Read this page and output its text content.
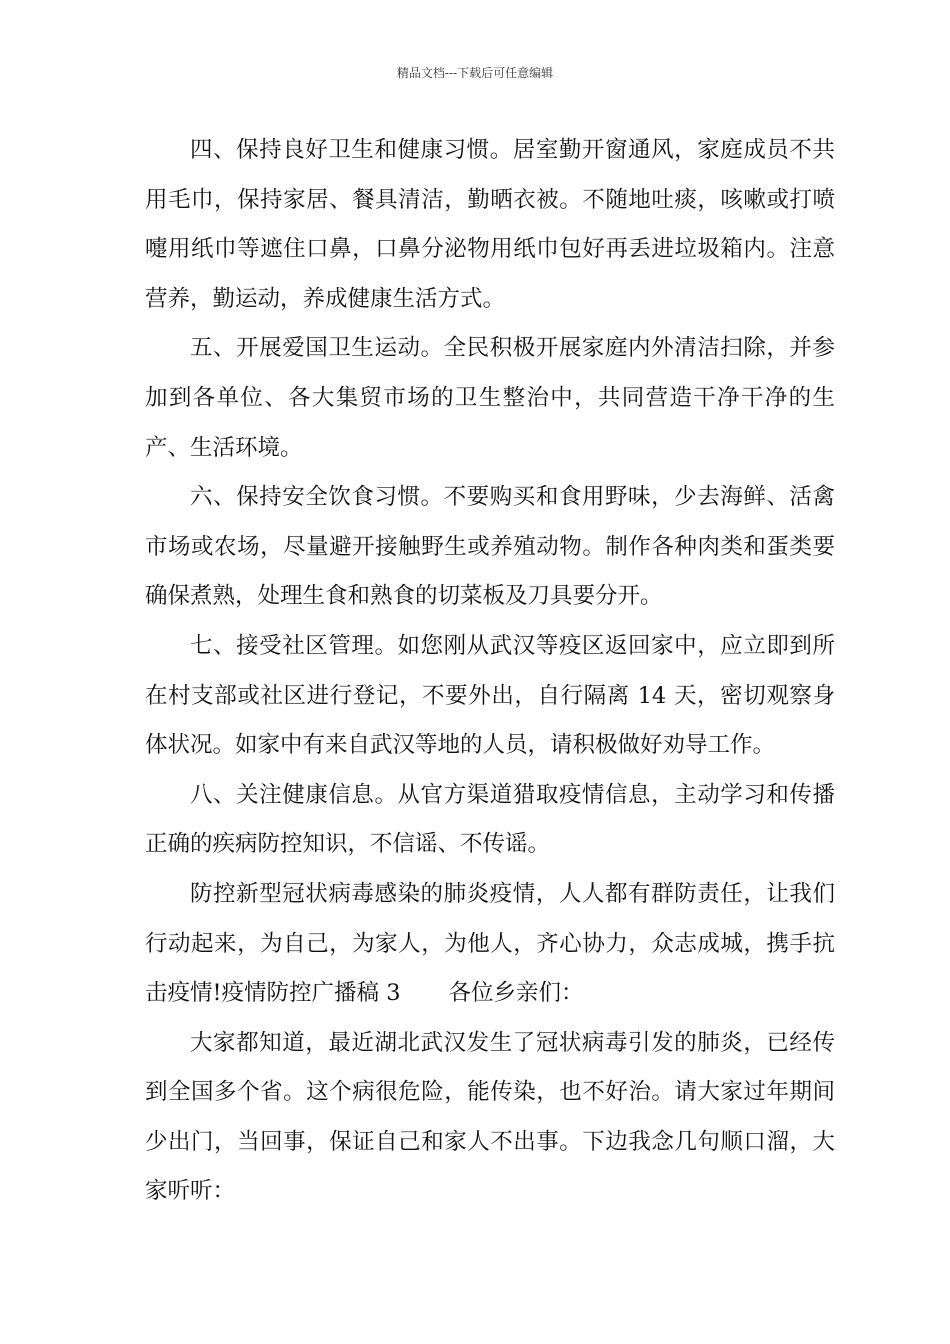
精品文档---下载后可任意编辑

四、保持良好卫生和健康习惯。居室勤开窗通风，家庭成员不共用毛巾，保持家居、餐具清洁，勤晒衣被。不随地吐痰，咳嗽或打喷嚏用纸巾等遮住口鼻，口鼻分泌物用纸巾包好再丢进垃圾箱内。注意营养，勤运动，养成健康生活方式。

五、开展爱国卫生运动。全民积极开展家庭内外清洁扫除，并参加到各单位、各大集贸市场的卫生整治中，共同营造干净干净的生产、生活环境。

六、保持安全饮食习惯。不要购买和食用野味，少去海鲜、活禽市场或农场，尽量避开接触野生或养殖动物。制作各种肉类和蛋类要确保煮熟，处理生食和熟食的切菜板及刀具要分开。

七、接受社区管理。如您刚从武汉等疫区返回家中，应立即到所在村支部或社区进行登记，不要外出，自行隔离 14 天，密切观察身体状况。如家中有来自武汉等地的人员，请积极做好劝导工作。

八、关注健康信息。从官方渠道猎取疫情信息，主动学习和传播正确的疾病防控知识，不信谣、不传谣。

防控新型冠状病毒感染的肺炎疫情，人人都有群防责任，让我们行动起来，为自己，为家人，为他人，齐心协力，众志成城，携手抗击疫情!疫情防控广播稿 3 各位乡亲们：

大家都知道，最近湖北武汉发生了冠状病毒引发的肺炎，已经传到全国多个省。这个病很危险，能传染，也不好治。请大家过年期间少出门，当回事，保证自己和家人不出事。下边我念几句顺口溜，大家听听：
